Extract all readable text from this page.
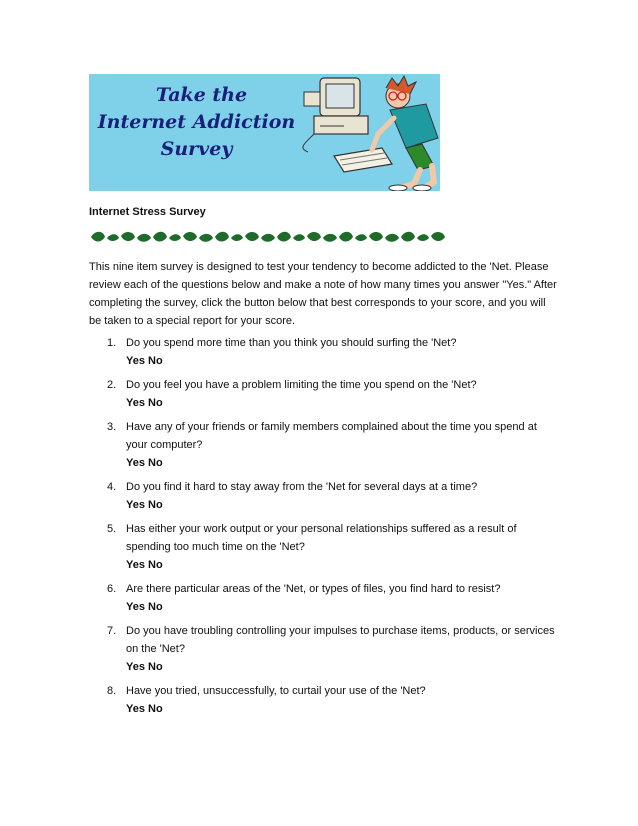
Take the
Internet Addiction
Survey
Internet Stress Survey
This nine item survey is designed to test your tendency to become addicted to the 'Net. Please review each of the questions below and make a note of how many times you answer "Yes." After completing the survey, click the button below that best corresponds to your score, and you will be taken to a special report for your score.
1. Do you spend more time than you think you should surfing the 'Net?
Yes No
2. Do you feel you have a problem limiting the time you spend on the 'Net?
Yes No
3. Have any of your friends or family members complained about the time you spend at your computer?
Yes No
4. Do you find it hard to stay away from the 'Net for several days at a time?
Yes No
5. Has either your work output or your personal relationships suffered as a result of spending too much time on the 'Net?
Yes No
6. Are there particular areas of the 'Net, or types of files, you find hard to resist?
Yes No
7. Do you have troubling controlling your impulses to purchase items, products, or services on the 'Net?
Yes No
8. Have you tried, unsuccessfully, to curtail your use of the 'Net?
Yes No
